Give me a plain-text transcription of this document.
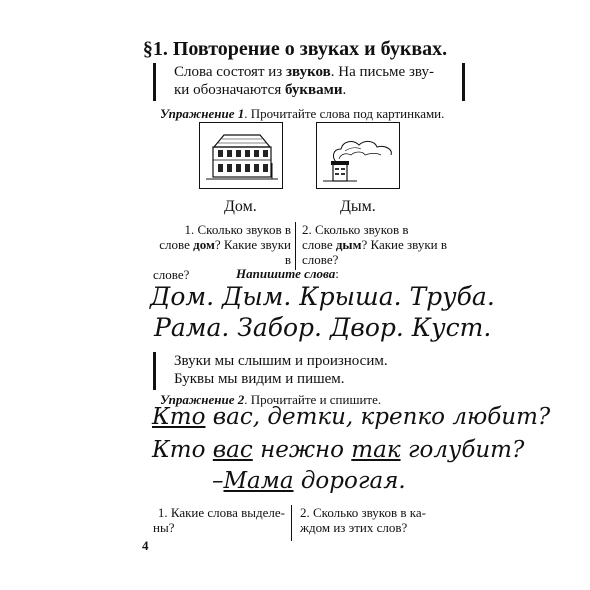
§1. Повторение о звуках и буквах.

Слова состоят из звуков. На письме зву-

ки обозначаются буквами.

Упражнение 1. Прочитайте слова под картинками.
Дом.	Дым.
1. Сколько звуков в
слове дом? Какие звуки в
слове?
2. Сколько звуков в
слове дым? Какие звуки в
слове?
Напишите слова:
Дом. Дым. Крыша. Труба.
Рама. Забор. Двор. Куст.

Звуки мы слышим и произносим.

Буквы мы видим и пишем.

Упражнение 2. Прочитайте и спишите.
Кто вас, детки, крепко любит?
Кто вас нежно так голубит?
–Мама дорогая.
1. Какие слова выделе-
ны?
2. Сколько звуков в ка-
ждом из этих слов?
4
